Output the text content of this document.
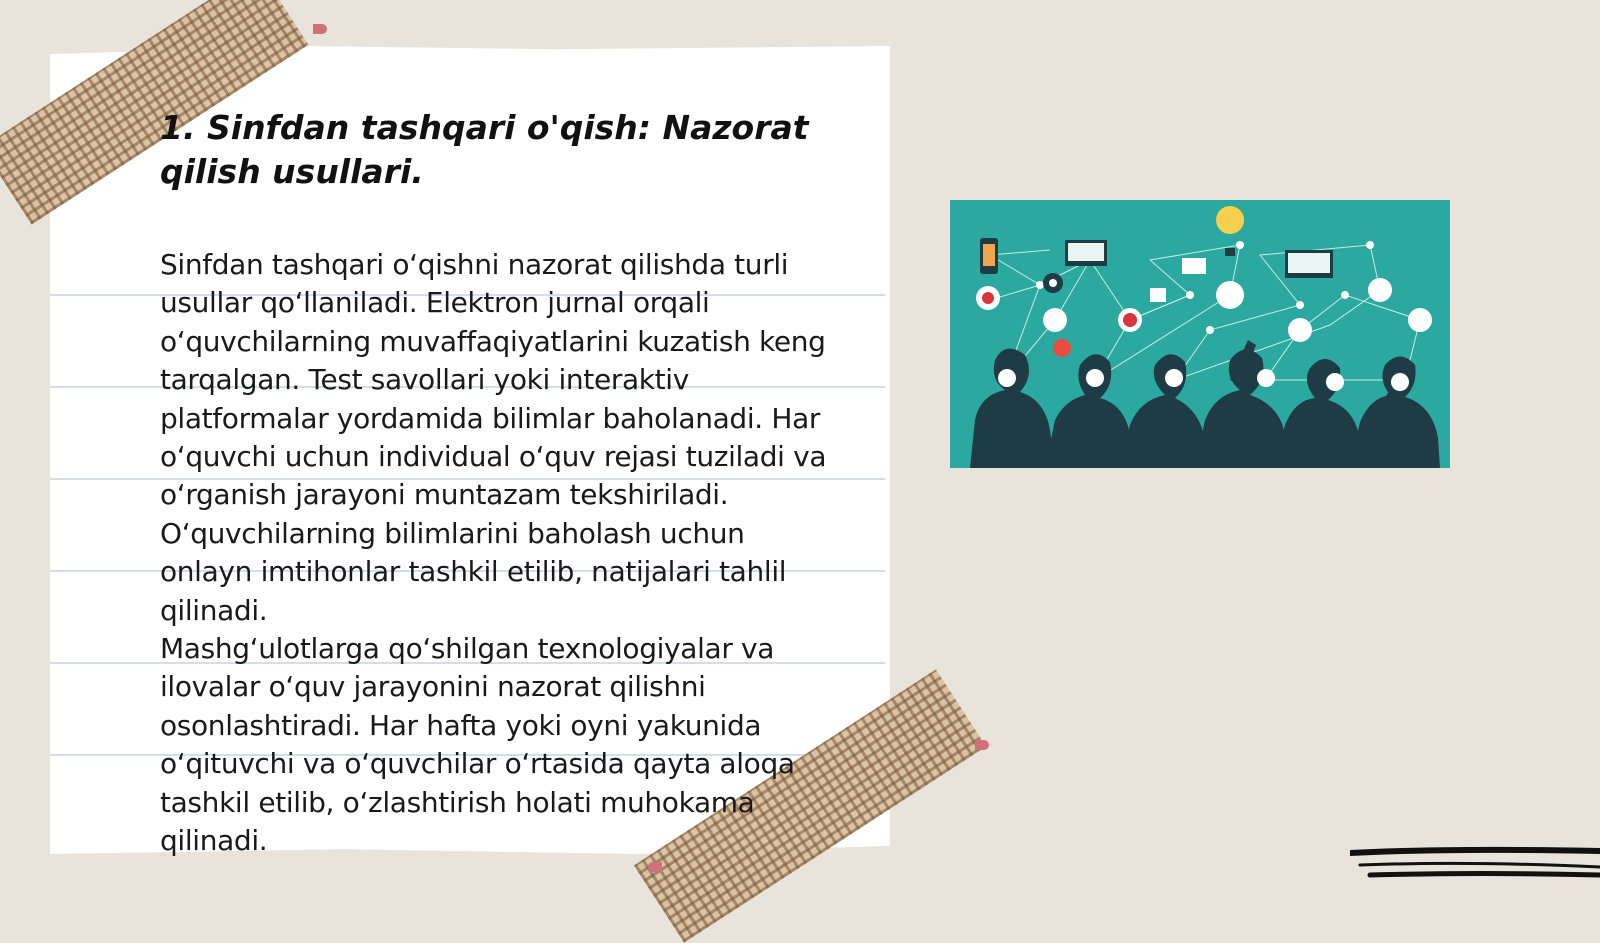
1. Sinfdan tashqari o'qish: Nazorat qilish usullari.

Sinfdan tashqari o‘qishni nazorat qilishda turli usullar qo‘llaniladi. Elektron jurnal orqali o‘quvchilarning muvaffaqiyatlarini kuzatish keng tarqalgan. Test savollari yoki interaktiv platformalar yordamida bilimlar baholanadi. Har o‘quvchi uchun individual o‘quv rejasi tuziladi va o‘rganish jarayoni muntazam tekshiriladi. O‘quvchilarning bilimlarini baholash uchun onlayn imtihonlar tashkil etilib, natijalari tahlil qilinadi.
Mashg‘ulotlarga qo‘shilgan texnologiyalar va ilovalar o‘quv jarayonini nazorat qilishni osonlashtiradi. Har hafta yoki oyni yakunida o‘qituvchi va o‘quvchilar o‘rtasida qayta aloqa tashkil etilib, o‘zlashtirish holati muhokama qilinadi.
